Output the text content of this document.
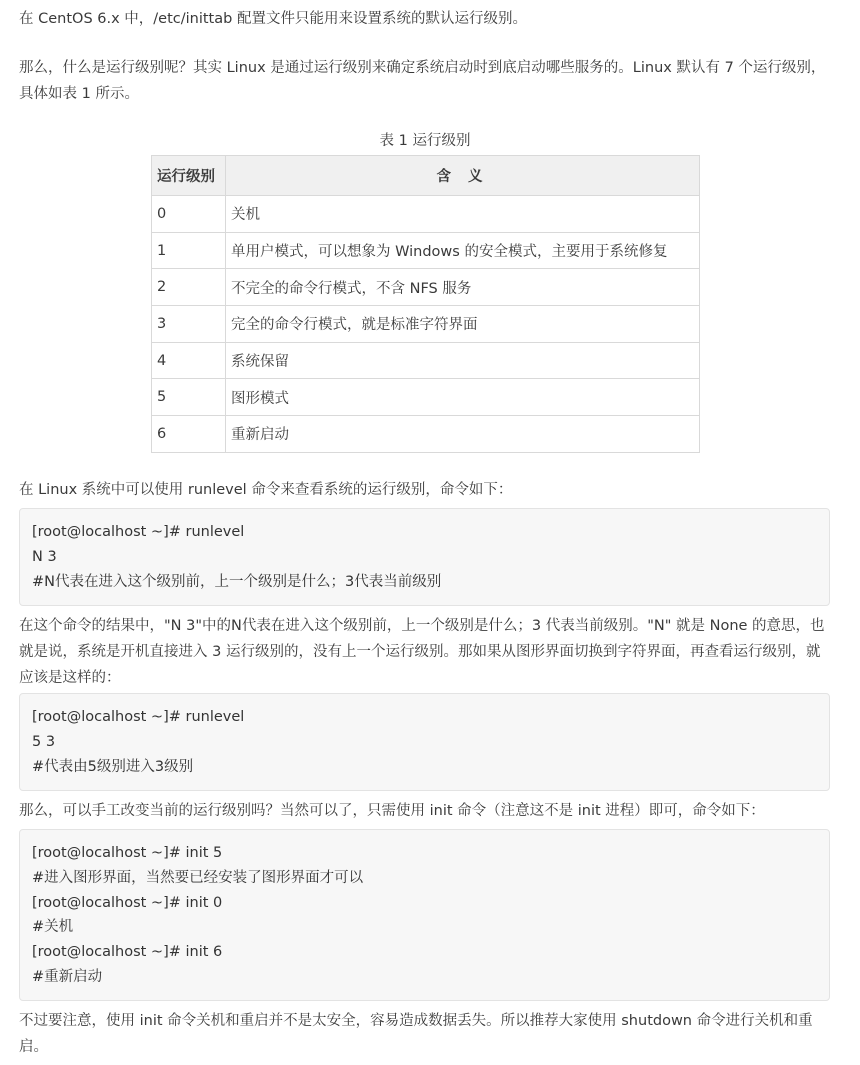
在 CentOS 6.x 中，/etc/inittab 配置文件只能用来设置系统的默认运行级别。

那么，什么是运行级别呢？其实 Linux 是通过运行级别来确定系统启动时到底启动哪些服务的。Linux 默认有 7 个运行级别，具体如表 1 所示。

表 1 运行级别
运行级别	含 义
0	关机
1	单用户模式，可以想象为 Windows 的安全模式，主要用于系统修复
2	不完全的命令行模式，不含 NFS 服务
3	完全的命令行模式，就是标准字符界面
4	系统保留
5	图形模式
6	重新启动

在 Linux 系统中可以使用 runlevel 命令来查看系统的运行级别，命令如下：

[root@localhost ~]# runlevel
N 3
#N代表在进入这个级别前，上一个级别是什么；3代表当前级别

在这个命令的结果中，"N 3"中的N代表在进入这个级别前，上一个级别是什么；3 代表当前级别。"N" 就是 None 的意思，也就是说，系统是开机直接进入 3 运行级别的，没有上一个运行级别。那如果从图形界面切换到字符界面，再查看运行级别，就应该是这样的：

[root@localhost ~]# runlevel
5 3
#代表由5级别进入3级别

那么，可以手工改变当前的运行级别吗？当然可以了，只需使用 init 命令（注意这不是 init 进程）即可，命令如下：

[root@localhost ~]# init 5
#进入图形界面，当然要已经安装了图形界面才可以
[root@localhost ~]# init 0
#关机
[root@localhost ~]# init 6
#重新启动

不过要注意，使用 init 命令关机和重启并不是太安全，容易造成数据丢失。所以推荐大家使用 shutdown 命令进行关机和重启。
